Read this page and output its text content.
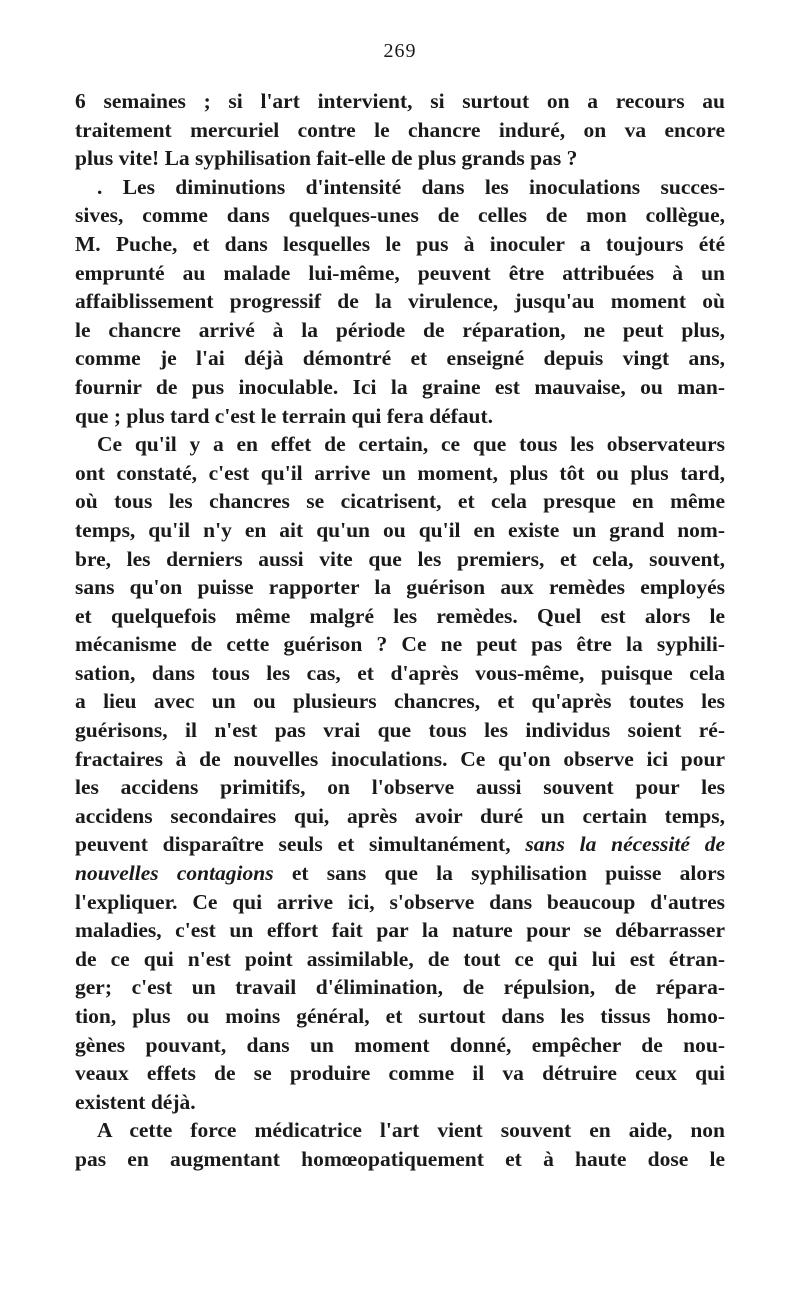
269
6 semaines ; si l'art intervient, si surtout on a recours au
traitement mercuriel contre le chancre induré, on va encore
plus vite! La syphilisation fait-elle de plus grands pas ?
. Les diminutions d'intensité dans les inoculations succes-
sives, comme dans quelques-unes de celles de mon collègue,
M. Puche, et dans lesquelles le pus à inoculer a toujours été
emprunté au malade lui-même, peuvent être attribuées à un
affaiblissement progressif de la virulence, jusqu'au moment où
le chancre arrivé à la période de réparation, ne peut plus,
comme je l'ai déjà démontré et enseigné depuis vingt ans,
fournir de pus inoculable. Ici la graine est mauvaise, ou man-
que ; plus tard c'est le terrain qui fera défaut.
Ce qu'il y a en effet de certain, ce que tous les observateurs
ont constaté, c'est qu'il arrive un moment, plus tôt ou plus tard,
où tous les chancres se cicatrisent, et cela presque en même
temps, qu'il n'y en ait qu'un ou qu'il en existe un grand nom-
bre, les derniers aussi vite que les premiers, et cela, souvent,
sans qu'on puisse rapporter la guérison aux remèdes employés
et quelquefois même malgré les remèdes. Quel est alors le
mécanisme de cette guérison ? Ce ne peut pas être la syphili-
sation, dans tous les cas, et d'après vous-même, puisque cela
a lieu avec un ou plusieurs chancres, et qu'après toutes les
guérisons, il n'est pas vrai que tous les individus soient ré-
fractaires à de nouvelles inoculations. Ce qu'on observe ici pour
les accidens primitifs, on l'observe aussi souvent pour les
accidens secondaires qui, après avoir duré un certain temps,
peuvent disparaître seuls et simultanément, sans la nécessité de
nouvelles contagions et sans que la syphilisation puisse alors
l'expliquer. Ce qui arrive ici, s'observe dans beaucoup d'autres
maladies, c'est un effort fait par la nature pour se débarrasser
de ce qui n'est point assimilable, de tout ce qui lui est étran-
ger; c'est un travail d'élimination, de répulsion, de répara-
tion, plus ou moins général, et surtout dans les tissus homo-
gènes pouvant, dans un moment donné, empêcher de nou-
veaux effets de se produire comme il va détruire ceux qui
existent déjà.
A cette force médicatrice l'art vient souvent en aide, non
pas en augmentant homœopatiquement et à haute dose le
